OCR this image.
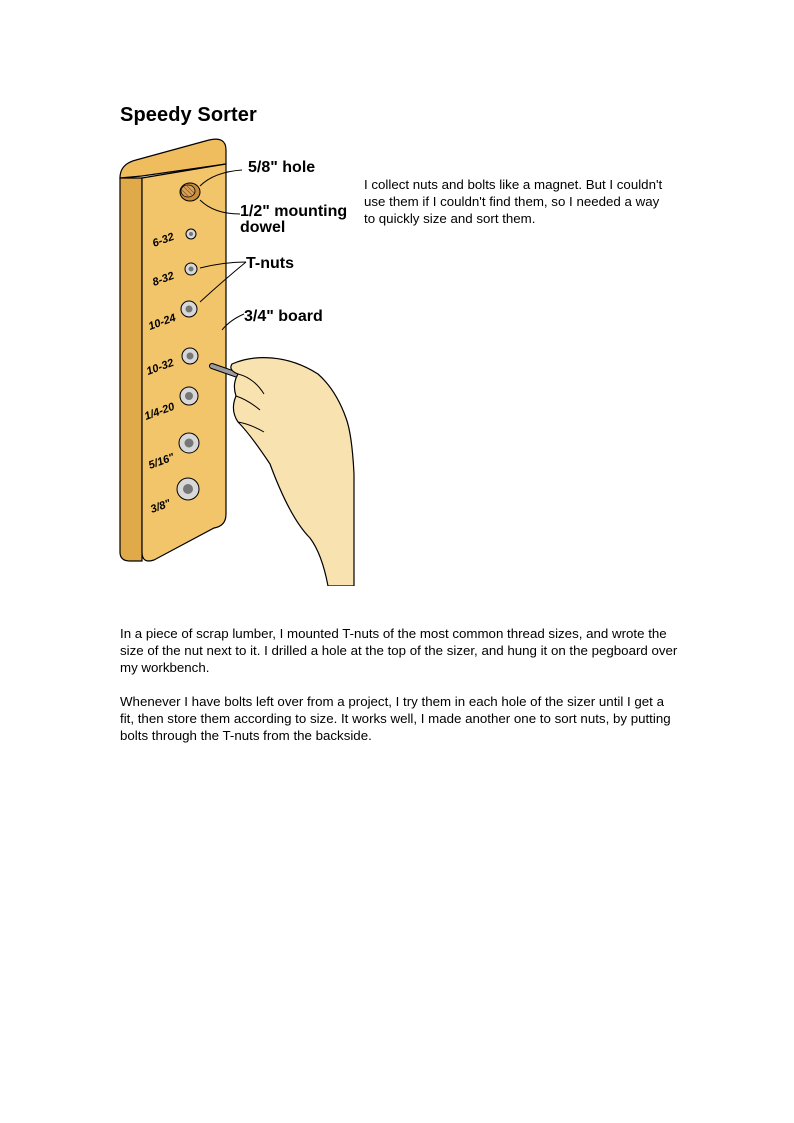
Speedy Sorter
6-32
8-32
10-24
10-32
1/4-20
5/16"
3/8"
5/8" hole
1/2" mounting
dowel
T-nuts
3/4" board

I collect nuts and bolts like a magnet. But I couldn't use them if I couldn't find them, so I needed a way to quickly size and sort them.

In a piece of scrap lumber, I mounted T-nuts of the most common thread sizes, and wrote the size of the nut next to it. I drilled a hole at the top of the sizer, and hung it on the pegboard over my workbench.

Whenever I have bolts left over from a project, I try them in each hole of the sizer until I get a fit, then store them according to size. It works well, I made another one to sort nuts, by putting bolts through the T-nuts from the backside.
